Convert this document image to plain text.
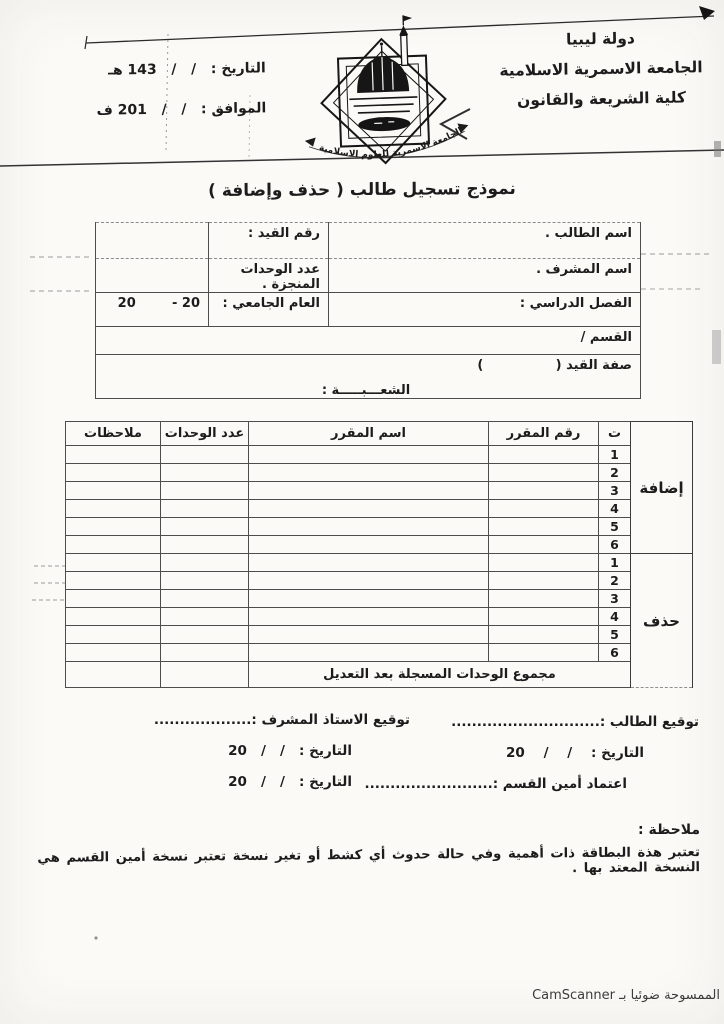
دولة ليبيا
الجامعة الاسمرية الاسلامية
كلية الشريعة والقانون
التاريخ :   /   /   143 هـ
الموافق :   /   /   201 ف
الجامعة الاسمرية للعلوم الاسلامية
نموذج تسجيل طالب ( حذف وإضافة )
اسم الطالب .	رقم القيد :	
اسم المشرف .	عدد الوحدات المنجزة .	
الفصل الدراسي :	العام الجامعي :	20 -        20
القسم /		

صفة القيد (                )
الشعـــبـــــة :		
إضافة	ت	رقم المقرر	اسم المقرر	عدد الوحدات	ملاحظات
	1				
	2				
	3				
	4				
	5				
	6				
حذف	1				
	2				
	3				
	4				
	5				
	6				
	مجموع الوحدات المسجلة بعد التعديل				
توقيع الطالب :.............................
التاريخ :    /    /    20
اعتماد أمين القسم :.........................
توقيع الاستاذ المشرف :...................
التاريخ :   /   /   20
التاريخ :   /   /   20
ملاحظة :
تعتبر هذة البطاقة ذات أهمية وفي حالة حدوث أي كشط أو تغير نسخة تعتبر نسخة أمين القسم هي النسخة المعتد بها .
الممسوحة ضوئيا بـ CamScanner
